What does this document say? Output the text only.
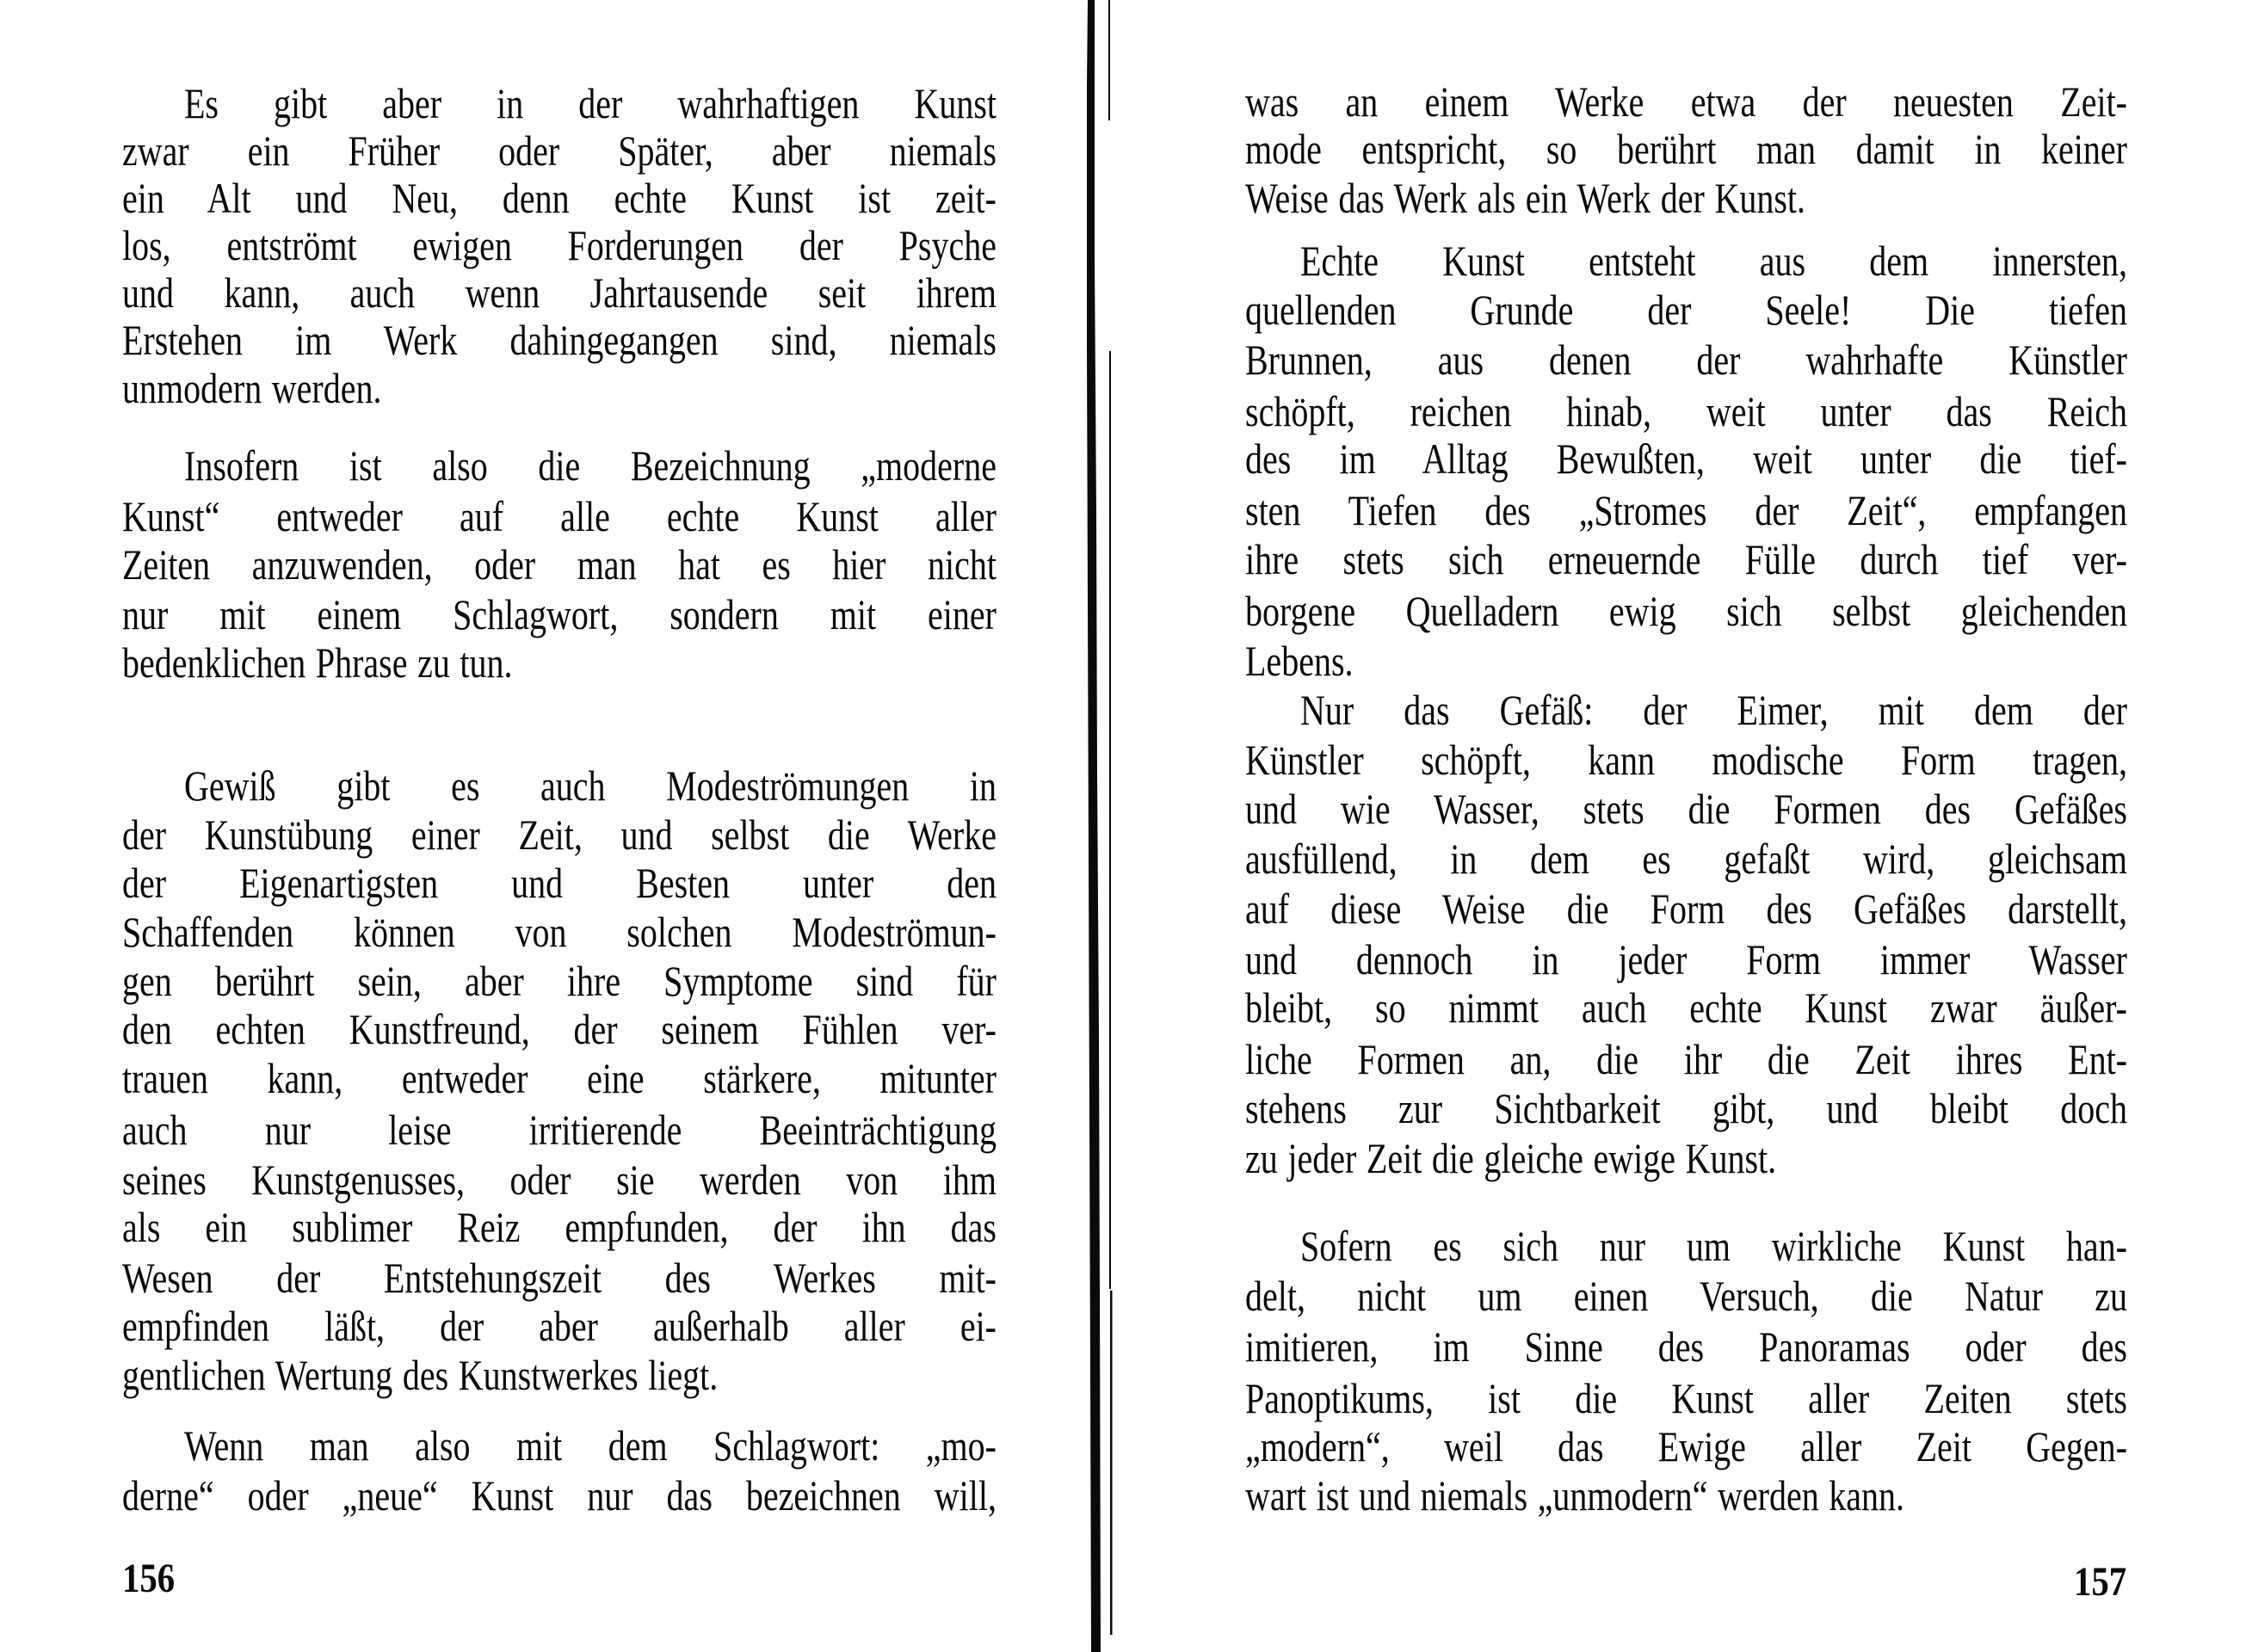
Es gibt aber in der wahrhaftigen Kunst
zwar ein Früher oder Später, aber niemals
ein Alt und Neu, denn echte Kunst ist zeit-
los, entströmt ewigen Forderungen der Psyche
und kann, auch wenn Jahrtausende seit ihrem
Erstehen im Werk dahingegangen sind, niemals
unmodern werden.
Insofern ist also die Bezeichnung „moderne
Kunst“ entweder auf alle echte Kunst aller
Zeiten anzuwenden, oder man hat es hier nicht
nur mit einem Schlagwort, sondern mit einer
bedenklichen Phrase zu tun.
Gewiß gibt es auch Modeströmungen in
der Kunstübung einer Zeit, und selbst die Werke
der Eigenartigsten und Besten unter den
Schaffenden können von solchen Modeströmun-
gen berührt sein, aber ihre Symptome sind für
den echten Kunstfreund, der seinem Fühlen ver-
trauen kann, entweder eine stärkere, mitunter
auch nur leise irritierende Beeinträchtigung
seines Kunstgenusses, oder sie werden von ihm
als ein sublimer Reiz empfunden, der ihn das
Wesen der Entstehungszeit des Werkes mit-
empfinden läßt, der aber außerhalb aller ei-
gentlichen Wertung des Kunstwerkes liegt.
Wenn man also mit dem Schlagwort: „mo-
derne“ oder „neue“ Kunst nur das bezeichnen will,
was an einem Werke etwa der neuesten Zeit-
mode entspricht, so berührt man damit in keiner
Weise das Werk als ein Werk der Kunst.
Echte Kunst entsteht aus dem innersten,
quellenden Grunde der Seele! Die tiefen
Brunnen, aus denen der wahrhafte Künstler
schöpft, reichen hinab, weit unter das Reich
des im Alltag Bewußten, weit unter die tief-
sten Tiefen des „Stromes der Zeit“, empfangen
ihre stets sich erneuernde Fülle durch tief ver-
borgene Quelladern ewig sich selbst gleichenden
Lebens.
Nur das Gefäß: der Eimer, mit dem der
Künstler schöpft, kann modische Form tragen,
und wie Wasser, stets die Formen des Gefäßes
ausfüllend, in dem es gefaßt wird, gleichsam
auf diese Weise die Form des Gefäßes darstellt,
und dennoch in jeder Form immer Wasser
bleibt, so nimmt auch echte Kunst zwar äußer-
liche Formen an, die ihr die Zeit ihres Ent-
stehens zur Sichtbarkeit gibt, und bleibt doch
zu jeder Zeit die gleiche ewige Kunst.
Sofern es sich nur um wirkliche Kunst han-
delt, nicht um einen Versuch, die Natur zu
imitieren, im Sinne des Panoramas oder des
Panoptikums, ist die Kunst aller Zeiten stets
„modern“, weil das Ewige aller Zeit Gegen-
wart ist und niemals „unmodern“ werden kann.
156	157
